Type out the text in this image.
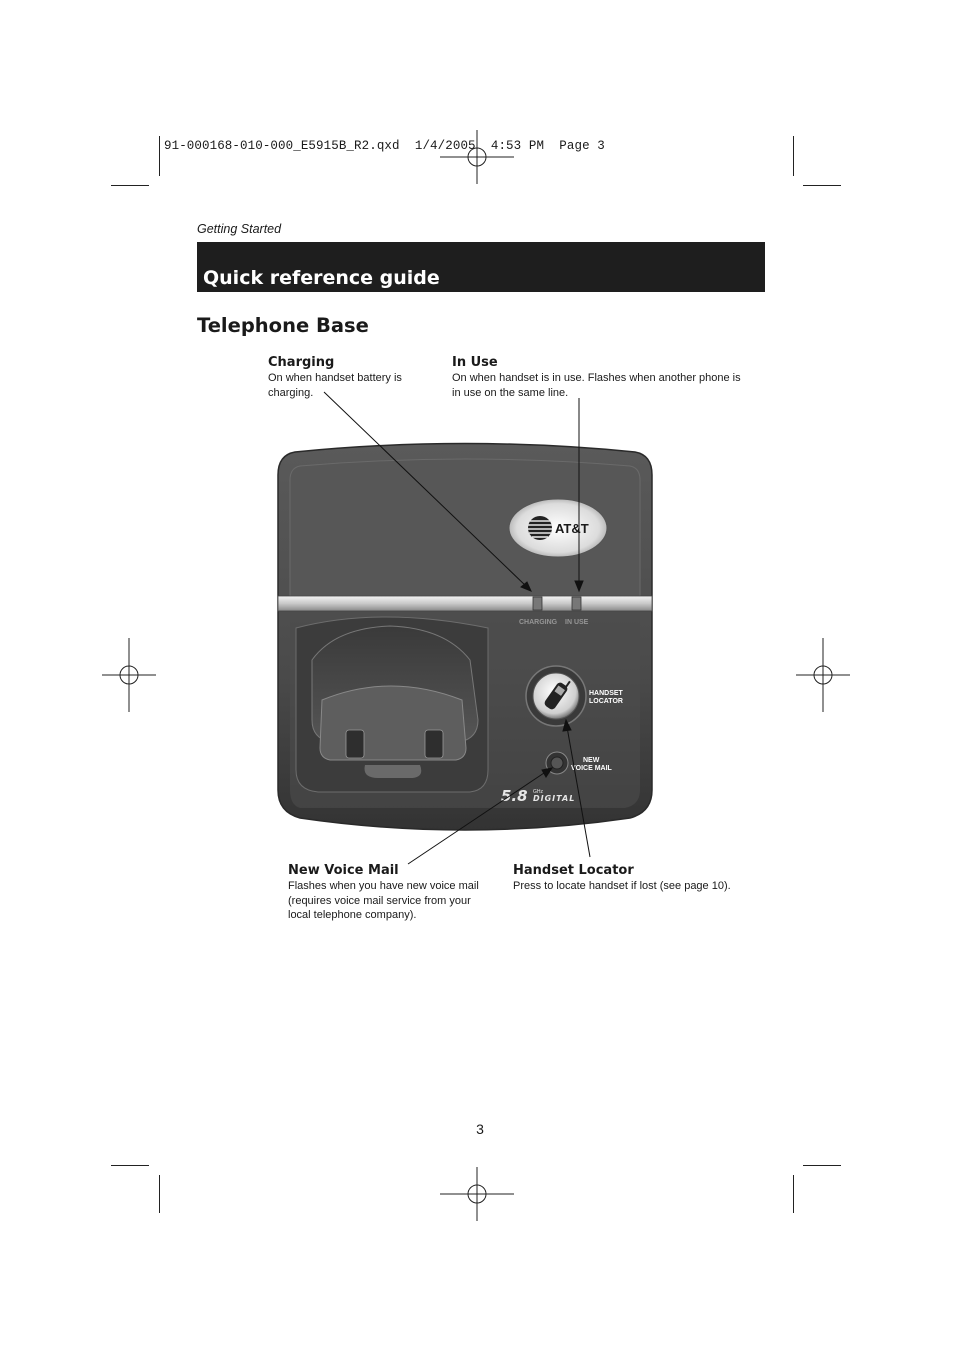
91-000168-010-000_E5915B_R2.qxd  1/4/2005  4:53 PM  Page 3
Getting Started
Quick reference guide
Telephone Base
Charging
On when handset battery is
charging.
In Use
On when handset is in use. Flashes when another phone is
in use on the same line.
New Voice Mail
Flashes when you have new voice mail
(requires voice mail service from your
local telephone company).
Handset Locator
Press to locate handset if lost (see page 10).
AT&T
HANDSET
LOCATOR
NEW
VOICE MAIL
5.8 GHz
DIGITAL
3
